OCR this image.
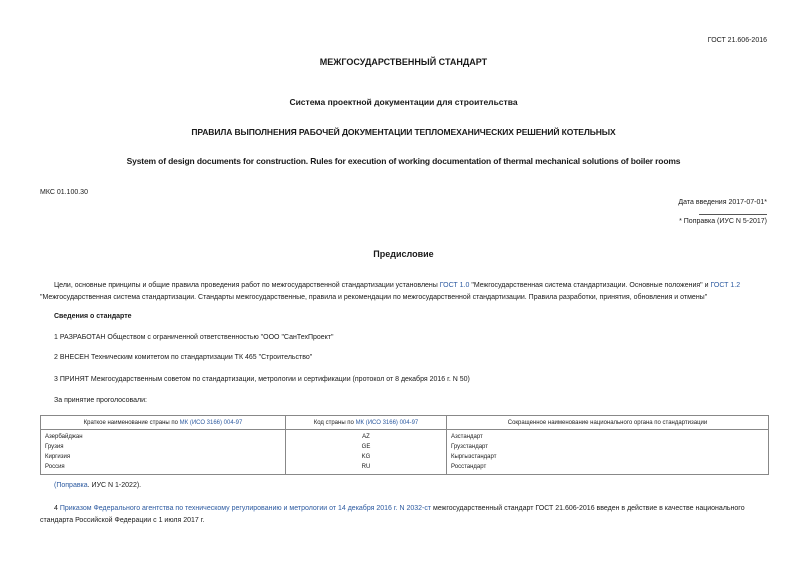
ГОСТ 21.606-2016
МЕЖГОСУДАРСТВЕННЫЙ СТАНДАРТ
Система проектной документации для строительства
ПРАВИЛА ВЫПОЛНЕНИЯ РАБОЧЕЙ ДОКУМЕНТАЦИИ ТЕПЛОМЕХАНИЧЕСКИХ РЕШЕНИЙ КОТЕЛЬНЫХ
System of design documents for construction. Rules for execution of working documentation of thermal mechanical solutions of boiler rooms
МКС 01.100.30
Дата введения 2017-07-01*
* Поправка (ИУС N 5-2017)
Предисловие
Цели, основные принципы и общие правила проведения работ по межгосударственной стандартизации установлены ГОСТ 1.0 "Межгосударственная система стандартизации. Основные положения" и ГОСТ 1.2 "Межгосударственная система стандартизации. Стандарты межгосударственные, правила и рекомендации по межгосударственной стандартизации. Правила разработки, принятия, обновления и отмены"
Сведения о стандарте
1 РАЗРАБОТАН Обществом с ограниченной ответственностью "ООО "СанТехПроект"
2 ВНЕСЕН Техническим комитетом по стандартизации ТК 465 "Строительство"
3 ПРИНЯТ Межгосударственным советом по стандартизации, метрологии и сертификации (протокол от 8 декабря 2016 г. N 50)
За принятие проголосовали:
Краткое наименование страны по МК (ИСО 3166) 004-97	Код страны по МК (ИСО 3166) 004-97	Сокращенное наименование национального органа по стандартизации
Азербайджан	AZ	Азстандарт
Грузия	GE	Грузстандарт
Киргизия	KG	Кыргызстандарт
Россия	RU	Росстандарт
(Поправка. ИУС N 1-2022).
4 Приказом Федерального агентства по техническому регулированию и метрологии от 14 декабря 2016 г. N 2032-ст межгосударственный стандарт ГОСТ 21.606-2016 введен в действие в качестве национального стандарта Российской Федерации с 1 июля 2017 г.
